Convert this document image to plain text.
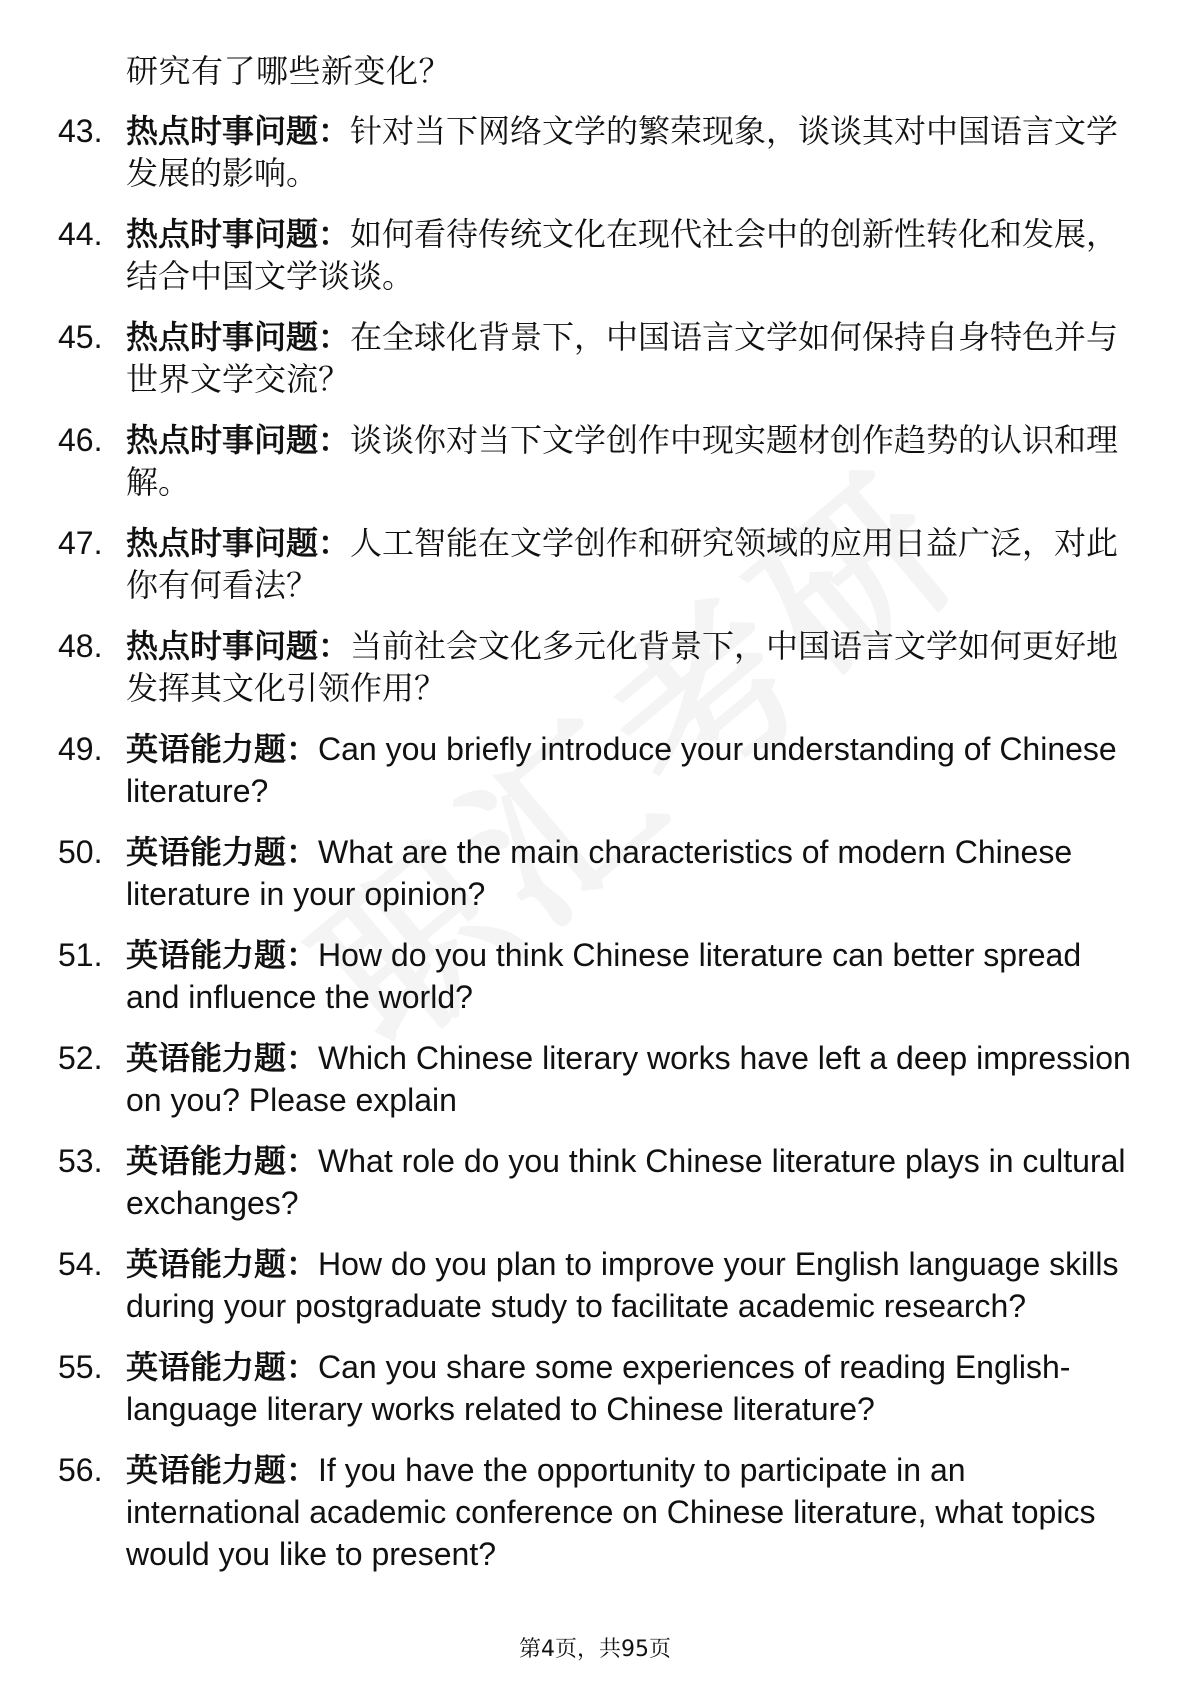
研究有了哪些新变化？
43. 热点时事问题：针对当下网络文学的繁荣现象，谈谈其对中国语言文学发展的影响。
44. 热点时事问题：如何看待传统文化在现代社会中的创新性转化和发展，结合中国文学谈谈。
45. 热点时事问题：在全球化背景下，中国语言文学如何保持自身特色并与世界文学交流？
46. 热点时事问题：谈谈你对当下文学创作中现实题材创作趋势的认识和理解。
47. 热点时事问题：人工智能在文学创作和研究领域的应用日益广泛，对此你有何看法？
48. 热点时事问题：当前社会文化多元化背景下，中国语言文学如何更好地发挥其文化引领作用？
49. 英语能力题：Can you briefly introduce your understanding of Chinese literature?
50. 英语能力题：What are the main characteristics of modern Chinese literature in your opinion?
51. 英语能力题：How do you think Chinese literature can better spread and influence the world?
52. 英语能力题：Which Chinese literary works have left a deep impression on you? Please explain
53. 英语能力题：What role do you think Chinese literature plays in cultural exchanges?
54. 英语能力题：How do you plan to improve your English language skills during your postgraduate study to facilitate academic research?
55. 英语能力题：Can you share some experiences of reading English-language literary works related to Chinese literature?
56. 英语能力题：If you have the opportunity to participate in an international academic conference on Chinese literature, what topics would you like to present?
第4页，共95页
